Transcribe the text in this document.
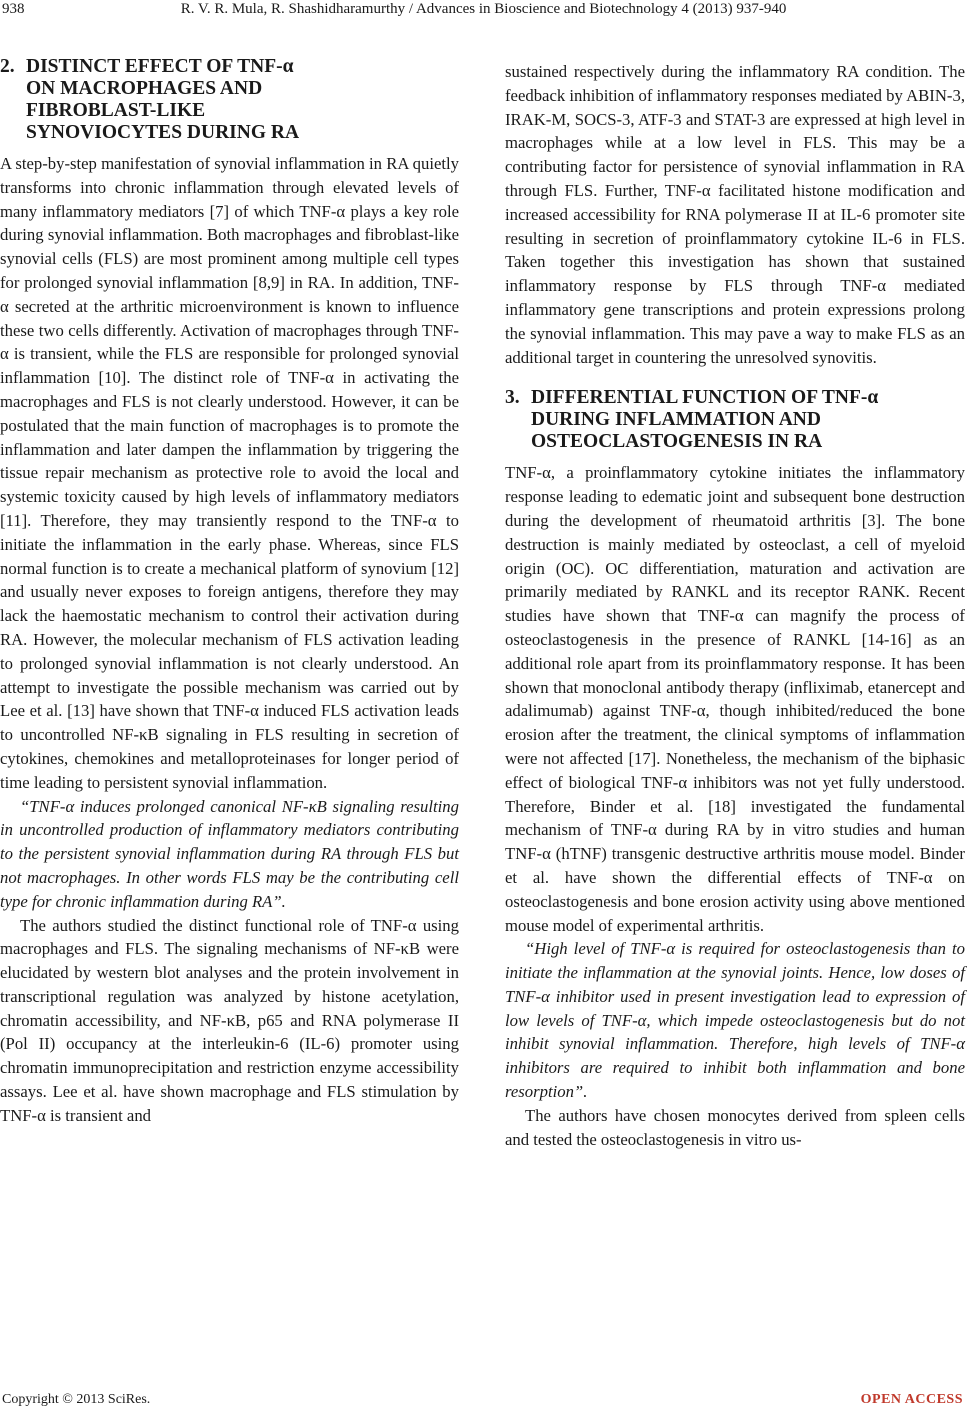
938	R. V. R. Mula, R. Shashidharamurthy / Advances in Bioscience and Biotechnology 4 (2013) 937-940
2. DISTINCT EFFECT OF TNF-α
ON MACROPHAGES AND
FIBROBLAST-LIKE
SYNOVIOCYTES DURING RA

A step-by-step manifestation of synovial inflammation in RA quietly transforms into chronic inflammation through elevated levels of many inflammatory mediators [7] of which TNF-α plays a key role during synovial inflammation. Both macrophages and fibroblast-like synovial cells (FLS) are most prominent among multiple cell types for prolonged synovial inflammation [8,9] in RA. In addition, TNF-α secreted at the arthritic microenvironment is known to influence these two cells differently. Activation of macrophages through TNF-α is transient, while the FLS are responsible for prolonged synovial inflammation [10]. The distinct role of TNF-α in activating the macrophages and FLS is not clearly understood. However, it can be postulated that the main function of macrophages is to promote the inflammation and later dampen the inflammation by triggering the tissue repair mechanism as protective role to avoid the local and systemic toxicity caused by high levels of inflammatory mediators [11]. Therefore, they may transiently respond to the TNF-α to initiate the inflammation in the early phase. Whereas, since FLS normal function is to create a mechanical platform of synovium [12] and usually never exposes to foreign antigens, therefore they may lack the haemostatic mechanism to control their activation during RA. However, the molecular mechanism of FLS activation leading to prolonged synovial inflammation is not clearly understood. An attempt to investigate the possible mechanism was carried out by Lee et al. [13] have shown that TNF-α induced FLS activation leads to uncontrolled NF-κB signaling in FLS resulting in secretion of cytokines, chemokines and metalloproteinases for longer period of time leading to persistent synovial inflammation.

“TNF-α induces prolonged canonical NF-κB signaling resulting in uncontrolled production of inflammatory mediators contributing to the persistent synovial inflammation during RA through FLS but not macrophages. In other words FLS may be the contributing cell type for chronic inflammation during RA”.

The authors studied the distinct functional role of TNF-α using macrophages and FLS. The signaling mechanisms of NF-κB were elucidated by western blot analyses and the protein involvement in transcriptional regulation was analyzed by histone acetylation, chromatin accessibility, and NF-κB, p65 and RNA polymerase II (Pol II) occupancy at the interleukin-6 (IL-6) promoter using chromatin immunoprecipitation and restriction enzyme accessibility assays. Lee et al. have shown macrophage and FLS stimulation by TNF-α is transient and

sustained respectively during the inflammatory RA condition. The feedback inhibition of inflammatory responses mediated by ABIN-3, IRAK-M, SOCS-3, ATF-3 and STAT-3 are expressed at high level in macrophages while at a low level in FLS. This may be a contributing factor for persistence of synovial inflammation in RA through FLS. Further, TNF-α facilitated histone modification and increased accessibility for RNA polymerase II at IL-6 promoter site resulting in secretion of proinflammatory cytokine IL-6 in FLS. Taken together this investigation has shown that sustained inflammatory response by FLS through TNF-α mediated inflammatory gene transcriptions and protein expressions prolong the synovial inflammation. This may pave a way to make FLS as an additional target in countering the unresolved synovitis.

3. DIFFERENTIAL FUNCTION OF TNF-α
DURING INFLAMMATION AND
OSTEOCLASTOGENESIS IN RA

TNF-α, a proinflammatory cytokine initiates the inflammatory response leading to edematic joint and subsequent bone destruction during the development of rheumatoid arthritis [3]. The bone destruction is mainly mediated by osteoclast, a cell of myeloid origin (OC). OC differentiation, maturation and activation are primarily mediated by RANKL and its receptor RANK. Recent studies have shown that TNF-α can magnify the process of osteoclastogenesis in the presence of RANKL [14-16] as an additional role apart from its proinflammatory response. It has been shown that monoclonal antibody therapy (infliximab, etanercept and adalimumab) against TNF-α, though inhibited/reduced the bone erosion after the treatment, the clinical symptoms of inflammation were not affected [17]. Nonetheless, the mechanism of the biphasic effect of biological TNF-α inhibitors was not yet fully understood. Therefore, Binder et al. [18] investigated the fundamental mechanism of TNF-α during RA by in vitro studies and human TNF-α (hTNF) transgenic destructive arthritis mouse model. Binder et al. have shown the differential effects of TNF-α on osteoclastogenesis and bone erosion activity using above mentioned mouse model of experimental arthritis.

“High level of TNF-α is required for osteoclastogenesis than to initiate the inflammation at the synovial joints. Hence, low doses of TNF-α inhibitor used in present investigation lead to expression of low levels of TNF-α, which impede osteoclastogenesis but do not inhibit synovial inflammation. Therefore, high levels of TNF-α inhibitors are required to inhibit both inflammation and bone resorption”.

The authors have chosen monocytes derived from spleen cells and tested the osteoclastogenesis in vitro us-

Copyright © 2013 SciRes.	OPEN ACCESS
